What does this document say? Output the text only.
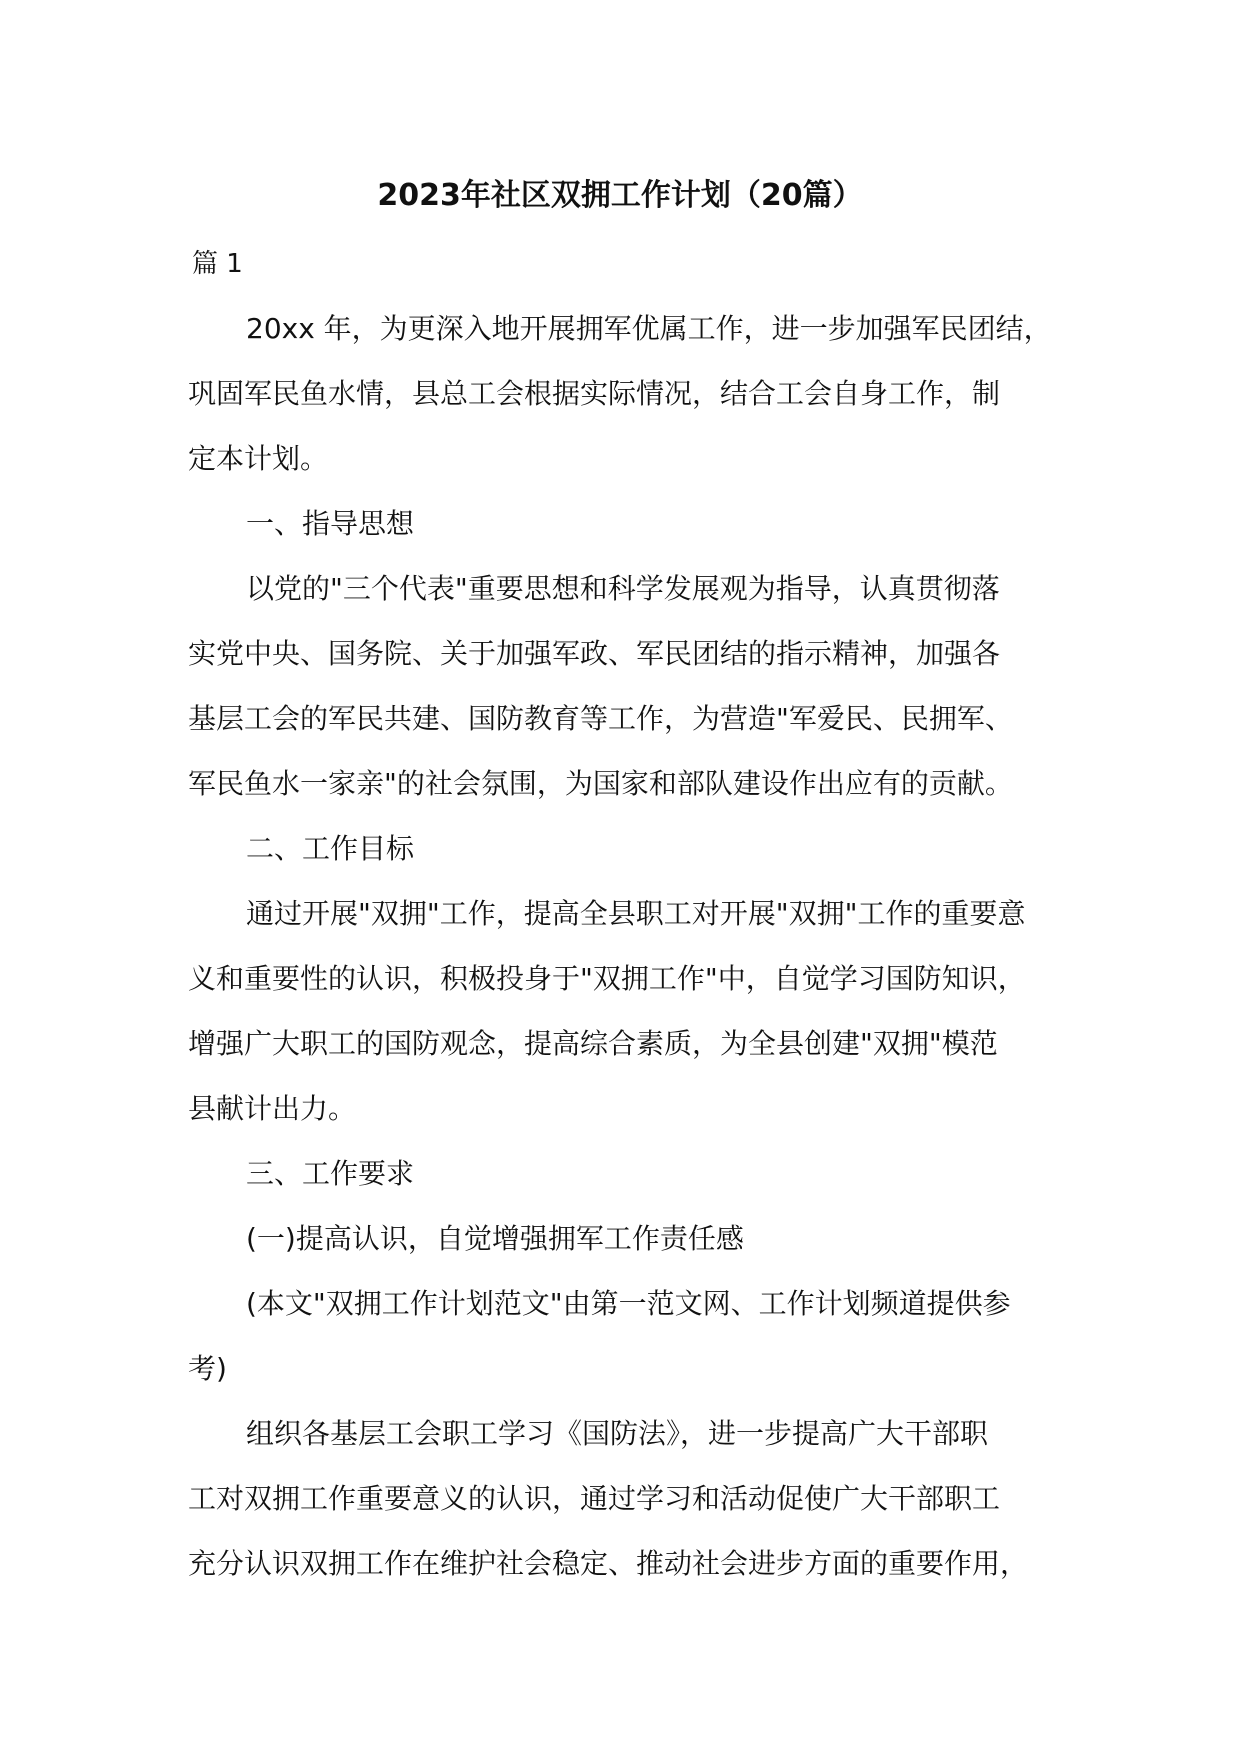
2023年社区双拥工作计划（20篇）
篇 1
20xx 年，为更深入地开展拥军优属工作，进一步加强军民团结，
巩固军民鱼水情，县总工会根据实际情况，结合工会自身工作，制
定本计划。
一、指导思想
以党的"三个代表"重要思想和科学发展观为指导，认真贯彻落
实党中央、国务院、关于加强军政、军民团结的指示精神，加强各
基层工会的军民共建、国防教育等工作，为营造"军爱民、民拥军、
军民鱼水一家亲"的社会氛围，为国家和部队建设作出应有的贡献。
二、工作目标
通过开展"双拥"工作，提高全县职工对开展"双拥"工作的重要意
义和重要性的认识，积极投身于"双拥工作"中，自觉学习国防知识，
增强广大职工的国防观念，提高综合素质，为全县创建"双拥"模范
县献计出力。
三、工作要求
(一)提高认识，自觉增强拥军工作责任感
(本文"双拥工作计划范文"由第一范文网、工作计划频道提供参
考)
组织各基层工会职工学习《国防法》，进一步提高广大干部职
工对双拥工作重要意义的认识，通过学习和活动促使广大干部职工
充分认识双拥工作在维护社会稳定、推动社会进步方面的重要作用，
